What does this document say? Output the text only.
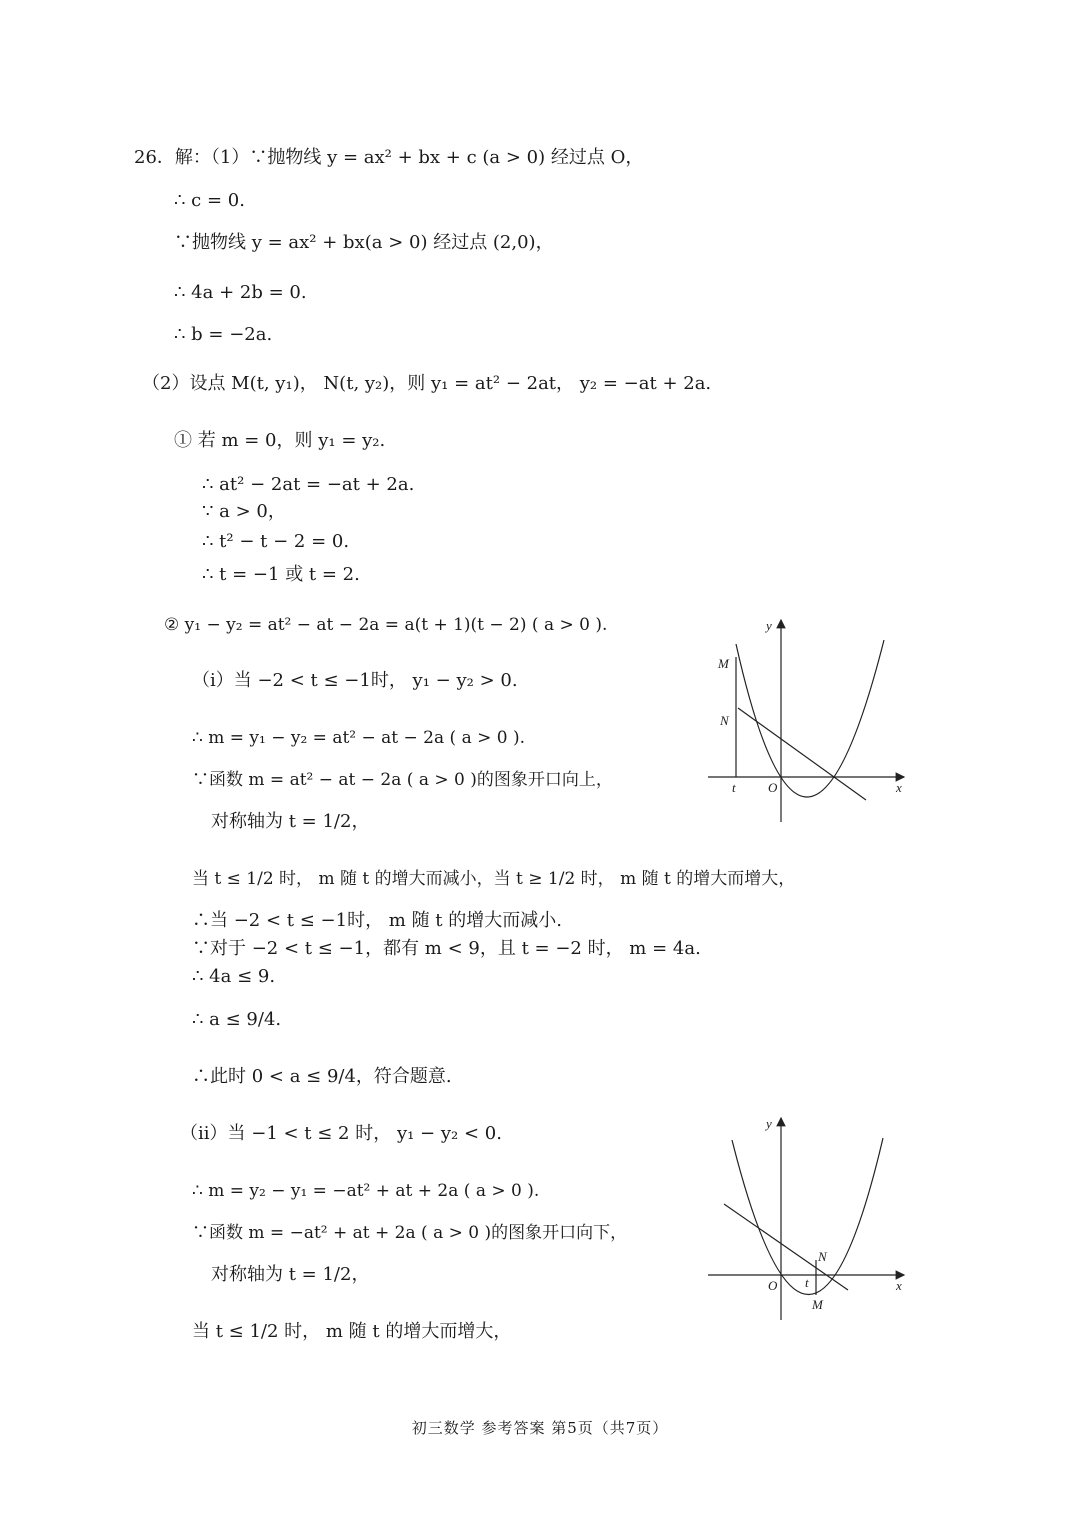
26．解：（1）∵抛物线 y = ax² + bx + c (a > 0) 经过点 O，
∴ c = 0.
∵抛物线 y = ax² + bx(a > 0) 经过点 (2,0)，
∴ 4a + 2b = 0.
∴ b = −2a.
（2）设点 M(t, y₁)， N(t, y₂)，则 y₁ = at² − 2at， y₂ = −at + 2a.
① 若 m = 0，则 y₁ = y₂.
∴ at² − 2at = −at + 2a.
∵ a > 0，
∴ t² − t − 2 = 0.
∴ t = −1 或 t = 2.
② y₁ − y₂ = at² − at − 2a = a(t + 1)(t − 2) ( a > 0 ).
（ⅰ）当 −2 < t ≤ −1时， y₁ − y₂ > 0.
∴ m = y₁ − y₂ = at² − at − 2a ( a > 0 ).
∵函数 m = at² − at − 2a ( a > 0 )的图象开口向上，
对称轴为 t = 1/2，
当 t ≤ 1/2 时， m 随 t 的增大而减小，当 t ≥ 1/2 时， m 随 t 的增大而增大，
∴当 −2 < t ≤ −1时， m 随 t 的增大而减小.
∵对于 −2 < t ≤ −1，都有 m < 9，且 t = −2 时， m = 4a.
∴ 4a ≤ 9.
∴ a ≤ 9/4.
∴此时 0 < a ≤ 9/4，符合题意.
（ⅱ）当 −1 < t ≤ 2 时， y₁ − y₂ < 0.
∴ m = y₂ − y₁ = −at² + at + 2a ( a > 0 ).
∵函数 m = −at² + at + 2a ( a > 0 )的图象开口向下，
对称轴为 t = 1/2，
当 t ≤ 1/2 时， m 随 t 的增大而增大，
y
x
O
M
N
t
y
x
O
N
t
M
初三数学 参考答案 第5页（共7页）
